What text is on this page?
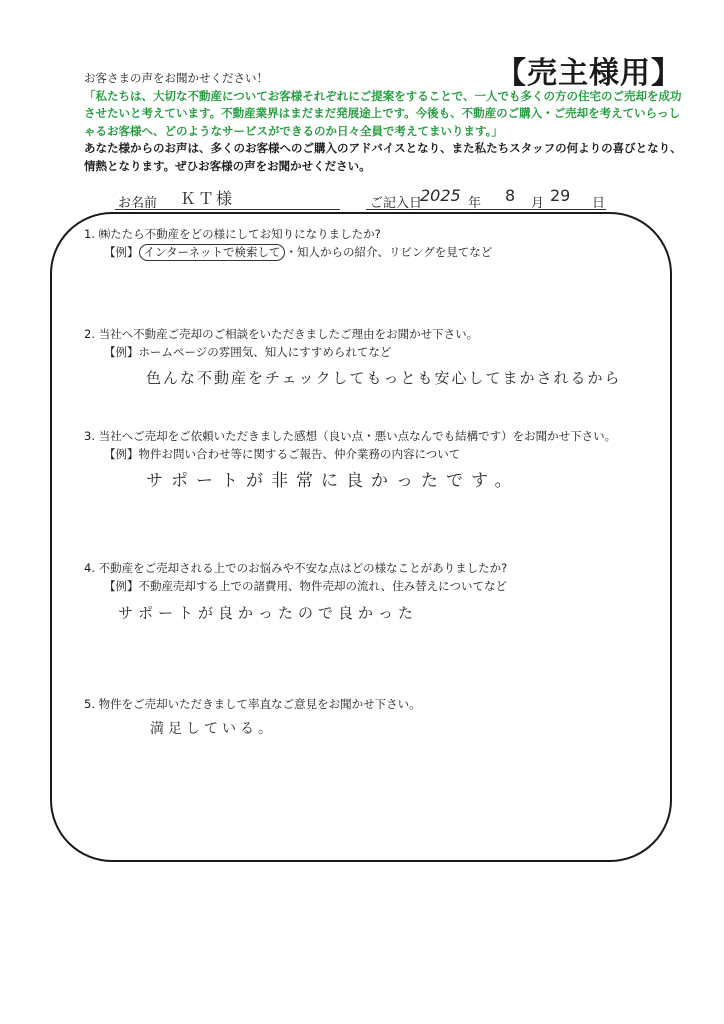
【売主様用】

お客さまの声をお聞かせください！

「私たちは、大切な不動産についてお客様それぞれにご提案をすることで、一人でも多くの方の住宅のご売却を成功させたいと考えています。不動産業界はまだまだ発展途上です。今後も、不動産のご購入・ご売却を考えていらっしゃるお客様へ、どのようなサービスができるのか日々全員で考えてまいります。」

あなた様からのお声は、多くのお客様へのご購入のアドバイスとなり、また私たちスタッフの何よりの喜びとなり、情熱となります。ぜひお客様の声をお聞かせください。

お名前 ＫＴ様	ご記入日
2025 年 8 月 29 日
1. ㈱たたら不動産をどの様にしてお知りになりましたか?
【例】 インターネットで検索して ・知人からの紹介、リビングを見てなど
2. 当社へ不動産ご売却のご相談をいただきましたご理由をお聞かせ下さい。
【例】ホームページの雰囲気、知人にすすめられてなど
色んな不動産をチェックしてもっとも安心してまかされるから
3. 当社へご売却をご依頼いただきました感想（良い点・悪い点なんでも結構です）をお聞かせ下さい。
【例】物件お問い合わせ等に関するご報告、仲介業務の内容について
サポートが非常に良かったです。
4. 不動産をご売却される上でのお悩みや不安な点はどの様なことがありましたか?
【例】不動産売却する上での諸費用、物件売却の流れ、住み替えについてなど
サポートが良かったので良かった
5. 物件をご売却いただきまして率直なご意見をお聞かせ下さい。
満足している。
